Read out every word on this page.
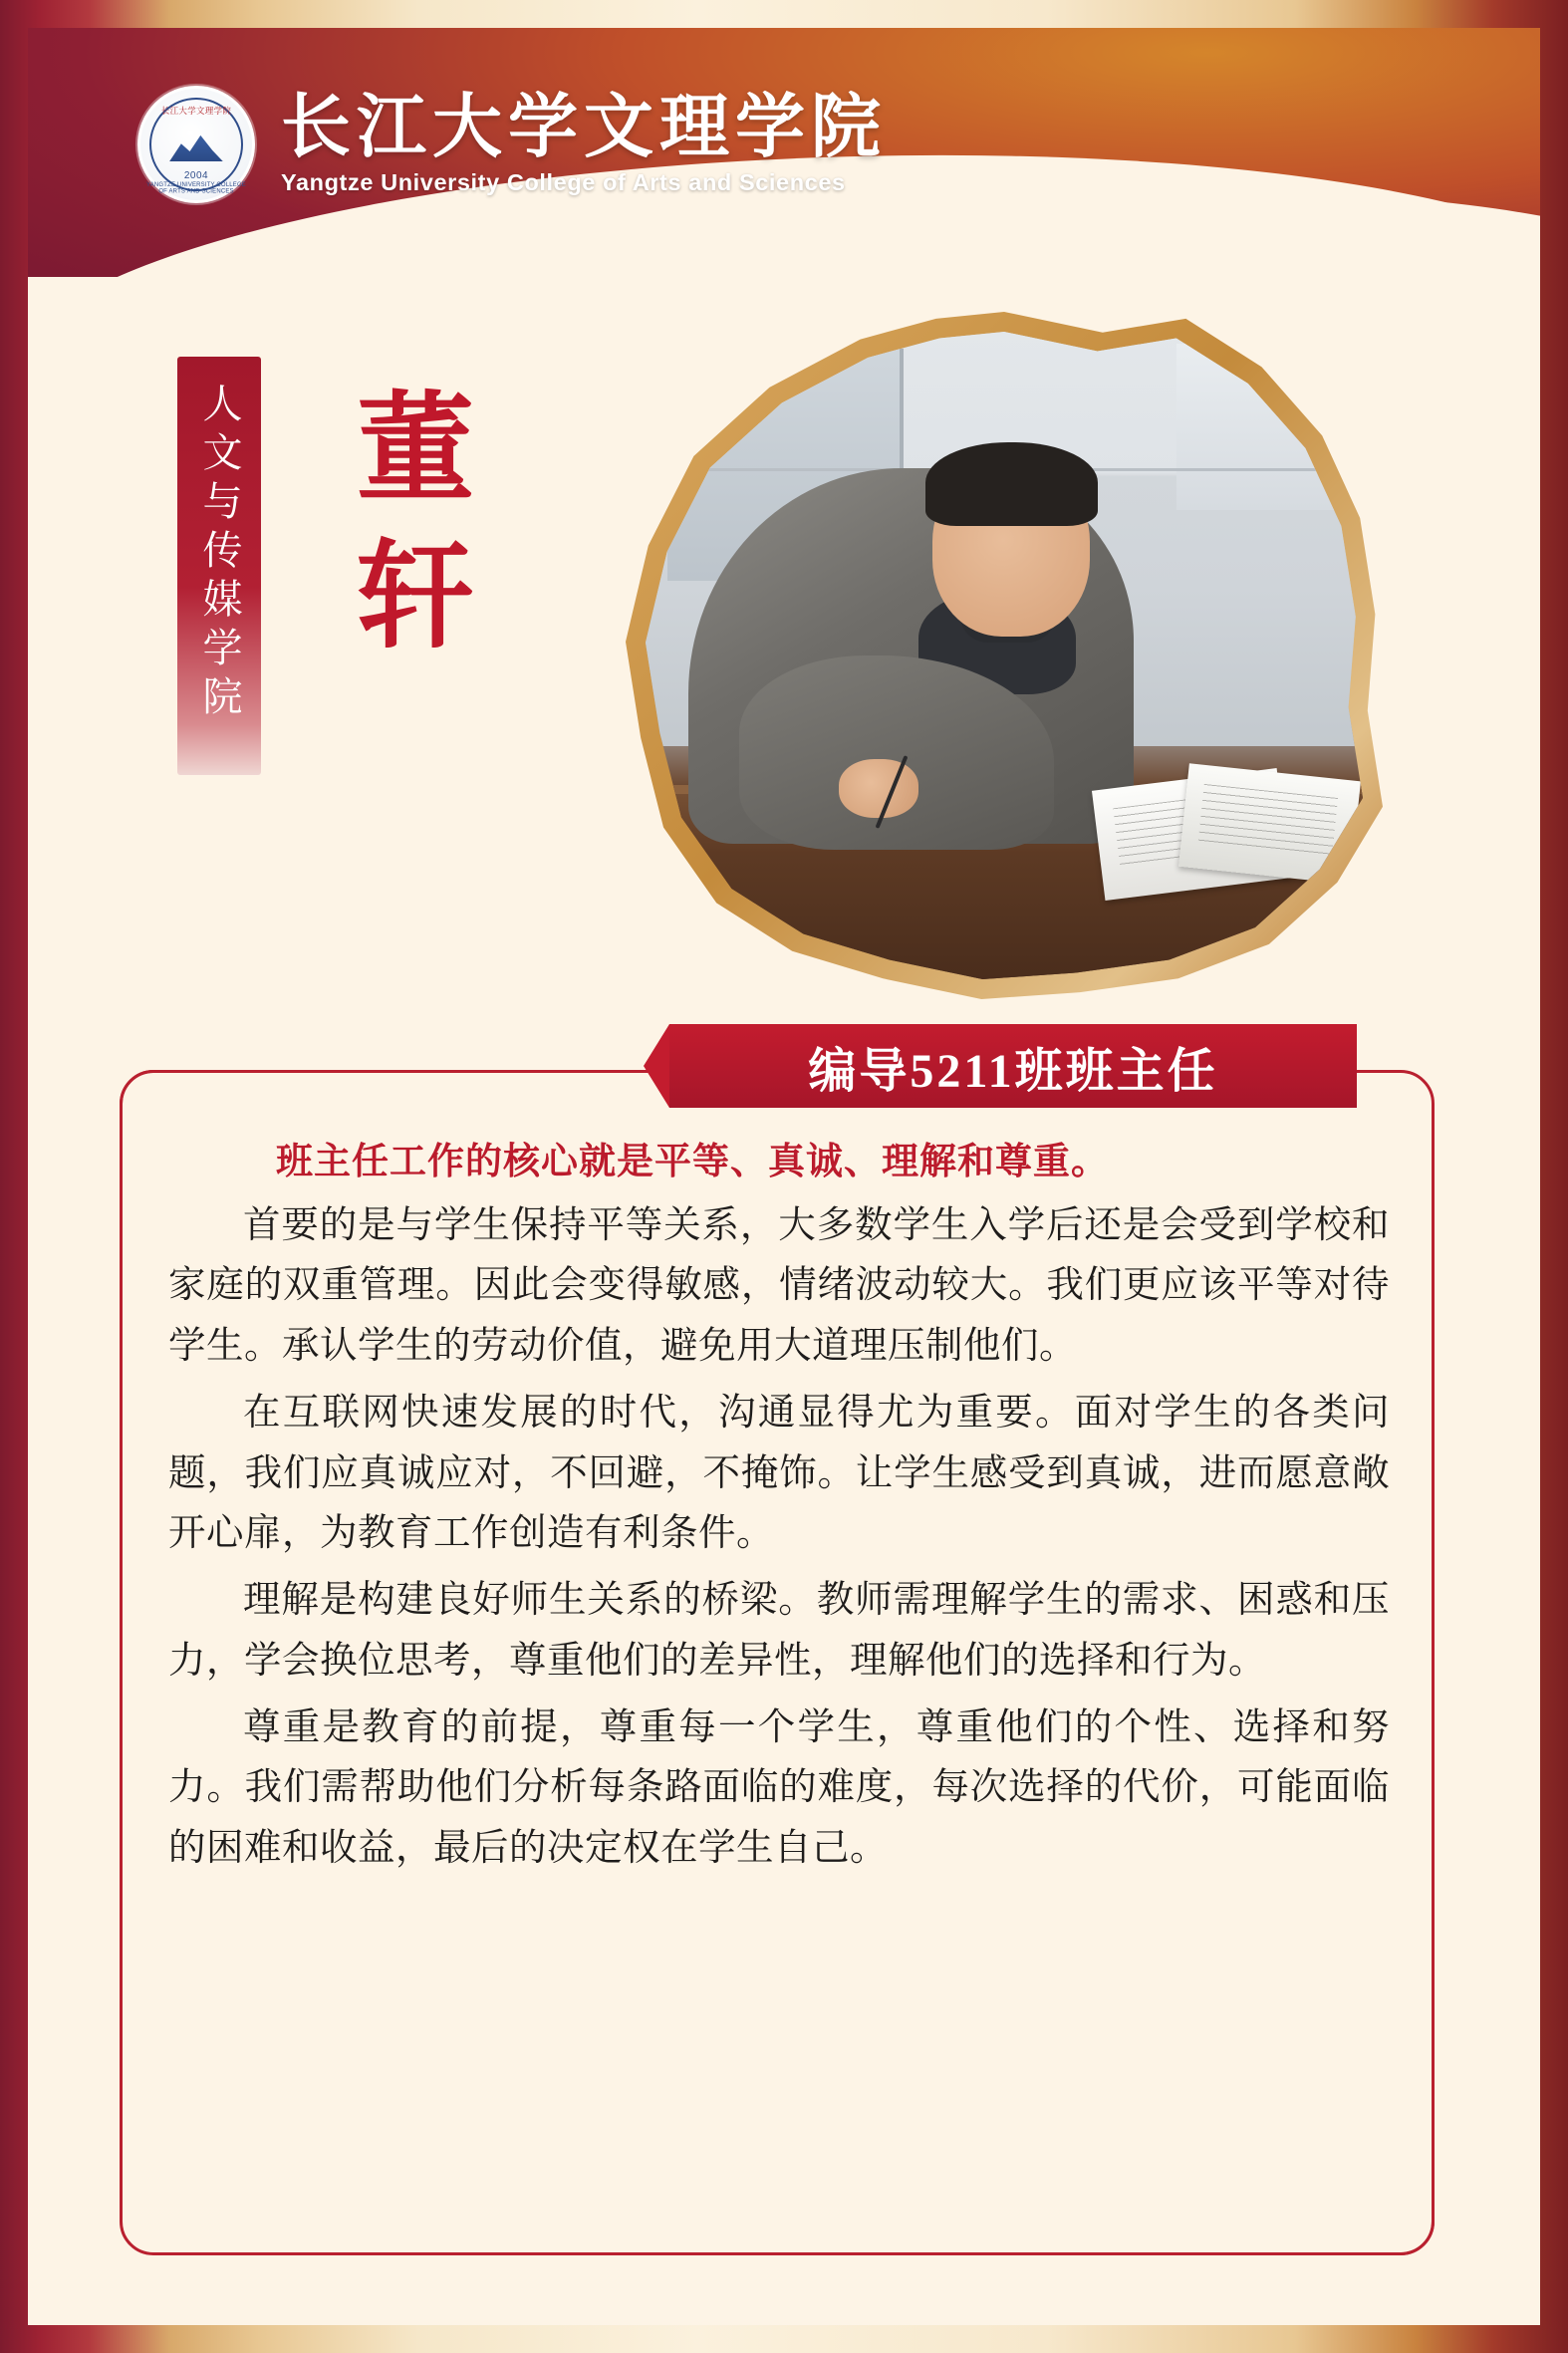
长江大学文理学院
2004
YANGTZE UNIVERSITY COLLEGE OF ARTS AND SCIENCES
长江大学文理学院
Yangtze University College of Arts and Sciences
人文与传媒学院 董轩
班主任工作的核心就是平等、真诚、理解和尊重。
首要的是与学生保持平等关系，大多数学生入学后还是会受到学校和家庭的双重管理。因此会变得敏感，情绪波动较大。我们更应该平等对待学生。承认学生的劳动价值，避免用大道理压制他们。
在互联网快速发展的时代，沟通显得尤为重要。面对学生的各类问题，我们应真诚应对，不回避，不掩饰。让学生感受到真诚，进而愿意敞开心扉，为教育工作创造有利条件。
理解是构建良好师生关系的桥梁。教师需理解学生的需求、困惑和压力，学会换位思考，尊重他们的差异性，理解他们的选择和行为。
尊重是教育的前提，尊重每一个学生，尊重他们的个性、选择和努力。我们需帮助他们分析每条路面临的难度，每次选择的代价，可能面临的困难和收益，最后的决定权在学生自己。
编导5211班班主任
